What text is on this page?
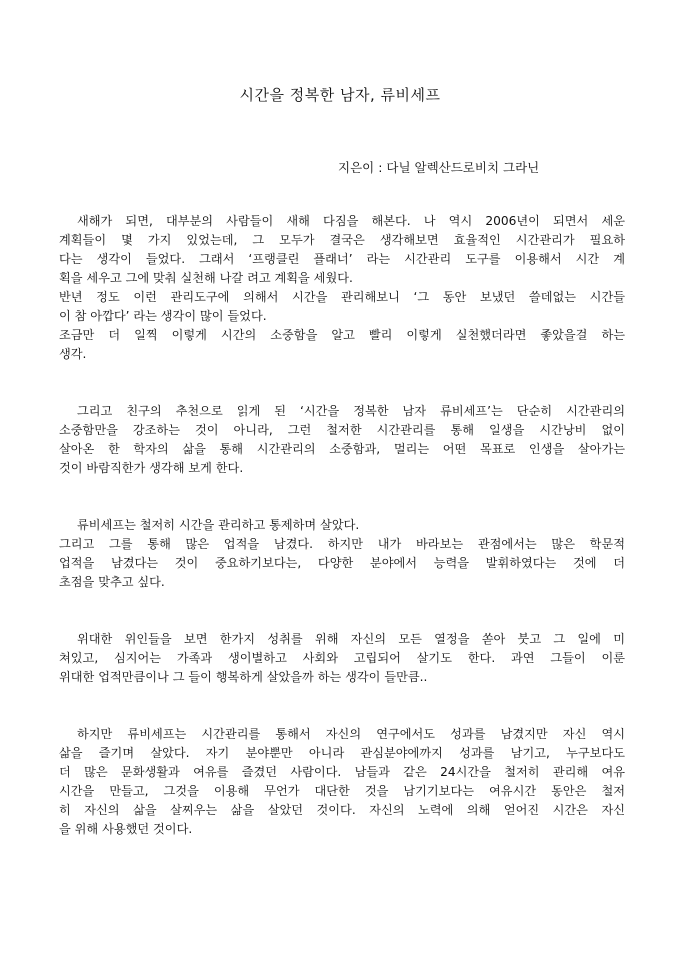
시간을 정복한 남자, 류비세프
지은이 : 다닐 알렉산드로비치 그라닌

새해가 되면, 대부분의 사람들이 새해 다짐을 해본다. 나 역시 2006년이 되면서 세운
계획들이 몇 가지 있었는데, 그 모두가 결국은 생각해보면 효율적인 시간관리가 필요하
다는 생각이 들었다. 그래서 ‘프랭클린 플래너’ 라는 시간관리 도구를 이용해서 시간 계
획을 세우고 그에 맞춰 실천해 나갈 려고 계획을 세웠다.
반년 정도 이런 관리도구에 의해서 시간을 관리해보니 ‘그 동안 보냈던 쓸데없는 시간들
이 참 아깝다’ 라는 생각이 많이 들었다.
조금만 더 일찍 이렇게 시간의 소중함을 알고 빨리 이렇게 실천했더라면 좋았을걸 하는
생각.

그리고 친구의 추천으로 읽게 된 ‘시간을 정복한 남자 류비세프’는 단순히 시간관리의
소중함만을 강조하는 것이 아니라, 그런 철저한 시간관리를 통해 일생을 시간낭비 없이
살아온 한 학자의 삶을 통해 시간관리의 소중함과, 멀리는 어떤 목표로 인생을 살아가는
것이 바람직한가 생각해 보게 한다.

류비세프는 철저히 시간을 관리하고 통제하며 살았다.
그리고 그를 통해 많은 업적을 남겼다. 하지만 내가 바라보는 관점에서는 많은 학문적
업적을 남겼다는 것이 중요하기보다는, 다양한 분야에서 능력을 발휘하였다는 것에 더
초점을 맞추고 싶다.

위대한 위인들을 보면 한가지 성취를 위해 자신의 모든 열정을 쏟아 붓고 그 일에 미
쳐있고, 심지어는 가족과 생이별하고 사회와 고립되어 살기도 한다. 과연 그들이 이룬
위대한 업적만큼이나 그 들이 행복하게 살았을까 하는 생각이 들만큼..

하지만 류비세프는 시간관리를 통해서 자신의 연구에서도 성과를 남겼지만 자신 역시
삶을 즐기며 살았다. 자기 분야뿐만 아니라 관심분야에까지 성과를 남기고, 누구보다도
더 많은 문화생활과 여유를 즐겼던 사람이다. 남들과 같은 24시간을 철저히 관리해 여유
시간을 만들고, 그것을 이용해 무언가 대단한 것을 남기기보다는 여유시간 동안은 철저
히 자신의 삶을 살찌우는 삶을 살았던 것이다. 자신의 노력에 의해 얻어진 시간은 자신
을 위해 사용했던 것이다.
